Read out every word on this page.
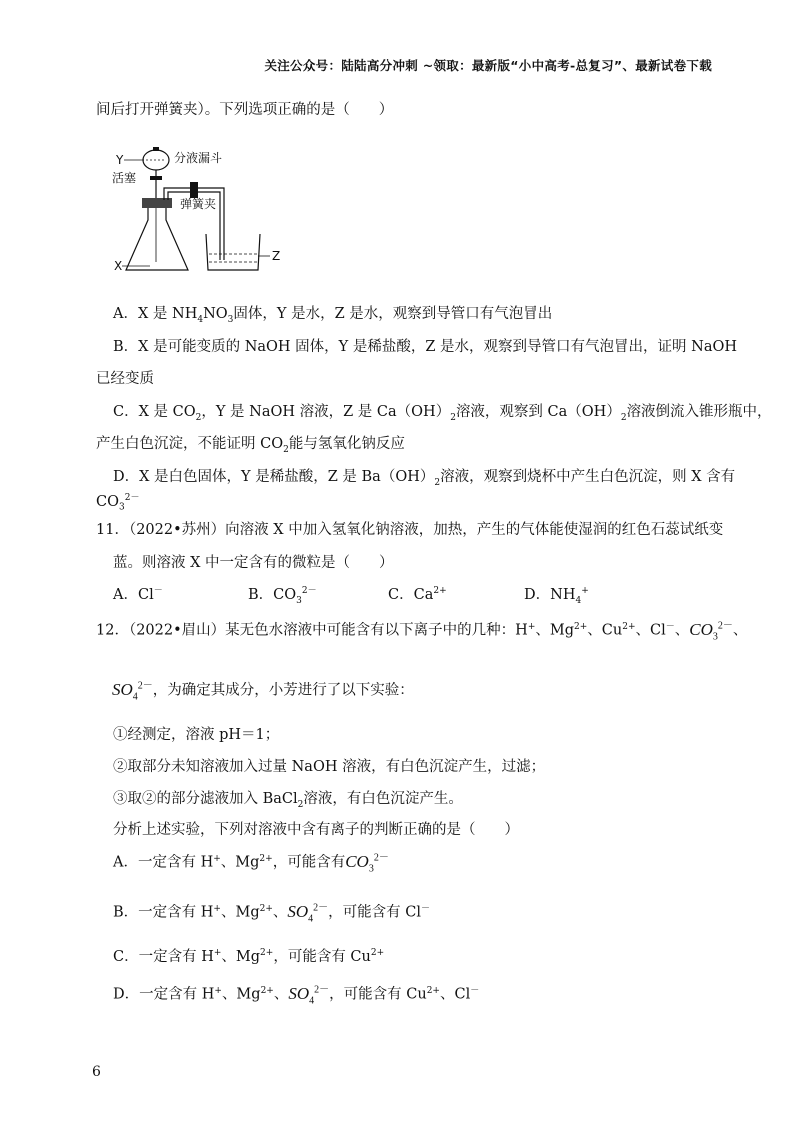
关注公众号：陆陆高分冲刺 ~领取：最新版“小中高考-总复习”、最新试卷下载
间后打开弹簧夹）。下列选项正确的是（　　）
Y	分液漏斗
活塞
X
弹簧夹
Z
A．X 是 $NH_4NO_3$固体，Y 是水，Z 是水，观察到导管口有气泡冒出
B．X 是可能变质的 NaOH 固体，Y 是稀盐酸，Z 是水，观察到导管口有气泡冒出，证明 NaOH
已经变质
C．X 是 $CO_2$，Y 是 NaOH 溶液，Z 是 $Ca(OH)_2$溶液，观察到 $Ca(OH)_2$溶液倒流入锥形瓶中，
产生白色沉淀，不能证明 $CO_2$能与氢氧化钠反应
D．X 是白色固体，Y 是稀盐酸，Z 是 $Ba(OH)_2$溶液，观察到烧杯中产生白色沉淀，则 X 含有
$CO_3^{2-}$
11．（2022•苏州）向溶液 X 中加入氢氧化钠溶液，加热，产生的气体能使湿润的红色石蕊试纸变
蓝。则溶液 X 中一定含有的微粒是（　　）
A．Cl－	B．$CO_3^{2-}$	C．$Ca^{2+}$	D．$NH_4^+$
12．（2022•眉山）某无色水溶液中可能含有以下离子中的几种：H+、$Mg^{2+}$、$Cu^{2+}$、Cl－、$CO_3^{2-}$、
$SO_4^{2-}$，为确定其成分，小芳进行了以下实验：
①经测定，溶液 pH＝1；
②取部分未知溶液加入过量 NaOH 溶液，有白色沉淀产生，过滤；
③取②的部分滤液加入 BaCl$_2$溶液，有白色沉淀产生。
分析上述实验，下列对溶液中含有离子的判断正确的是（　　）
A．一定含有 H+、$Mg^{2+}$，可能含有$CO_3^{2-}$
B．一定含有 H+、$Mg^{2+}$、$SO_4^{2-}$，可能含有 Cl－
C．一定含有 H+、$Mg^{2+}$，可能含有 $Cu^{2+}$
D．一定含有 H+、$Mg^{2+}$、$SO_4^{2-}$，可能含有 $Cu^{2+}$、Cl－
6
